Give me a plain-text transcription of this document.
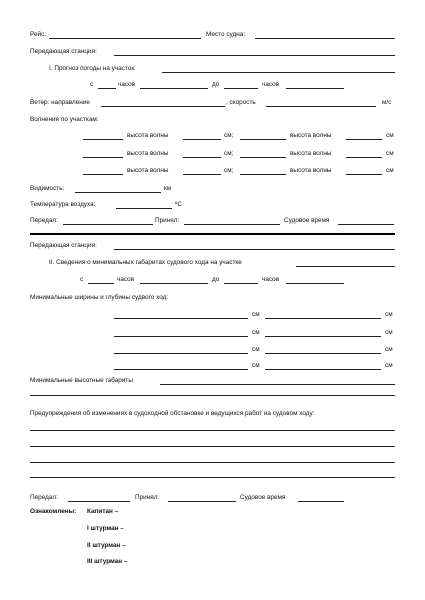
Рейс:	Место судна:
Передающая станция:
I. Прогноз погоды на участок:
с	часов	до	часов
Ветер: направление	, скорость	м/с
Волнение по участкам:
высота волны	см;	высота волны	см
высота волны	см;	высота волны	см
высота волны	см;	высота волны	см
Видимость:	км
Температура воздуха:	ºС
Передал:	Принял:	Судовое время
Передающая станция:
II. Сведения о минимальных габаритах судового хода на участке
с	часов	до	часов
Минимальные ширины и глубины судвого ход:
см	см
см	см
см	см
см	см
Минимальные высотные габариты
Предупреждения об изменениях в судоходной обстановке и ведущихся работ на судовом ходу:
Передал:	Принял:	Судовое время
Ознакомлены: Капитан –
I штурман –
II штурман –
III штурман –
